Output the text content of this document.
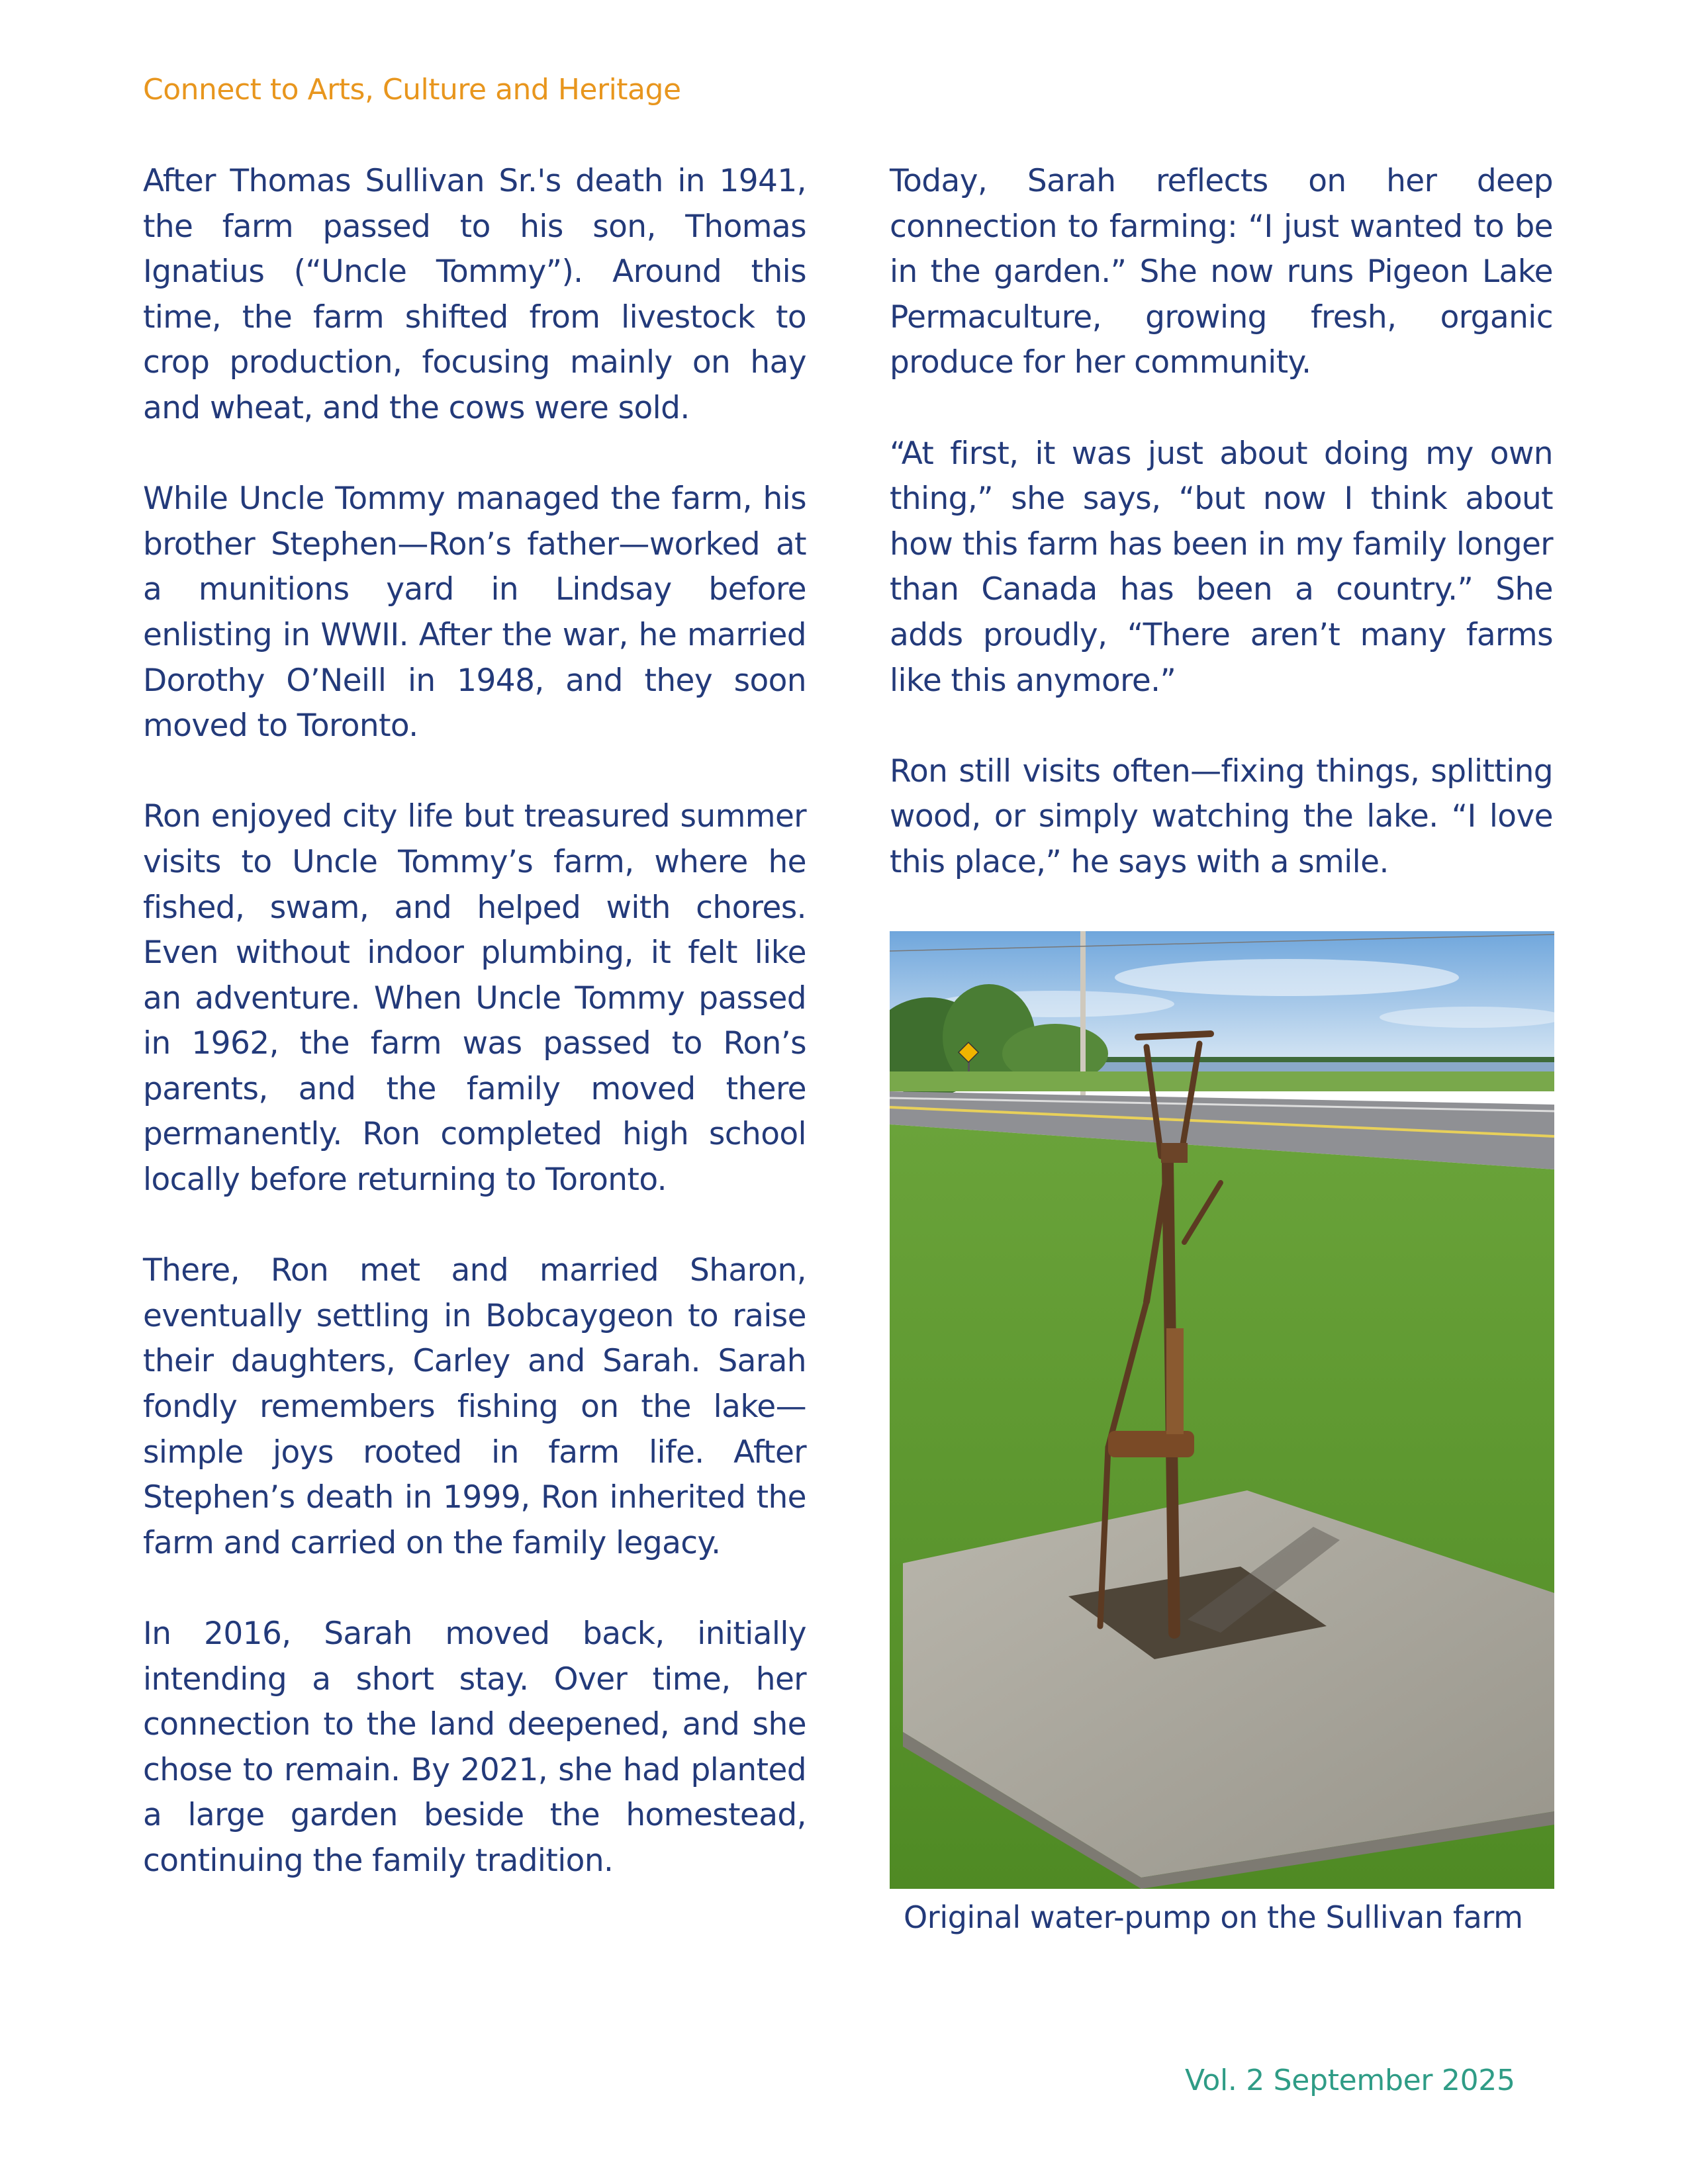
Connect to Arts, Culture and Heritage

After Thomas Sullivan Sr.'s death in 1941, the farm passed to his son, Thomas Ignatius (“Uncle Tommy”). Around this time, the farm shifted from livestock to crop production, focusing mainly on hay and wheat, and the cows were sold.

While Uncle Tommy managed the farm, his brother Stephen—Ron’s father—worked at a munitions yard in Lindsay before enlisting in WWII. After the war, he married Dorothy O’Neill in 1948, and they soon moved to Toronto.

Ron enjoyed city life but treasured summer visits to Uncle Tommy’s farm, where he fished, swam, and helped with chores. Even without indoor plumbing, it felt like an adventure. When Uncle Tommy passed in 1962, the farm was passed to Ron’s parents, and the family moved there permanently. Ron completed high school locally before returning to Toronto.

There, Ron met and married Sharon, eventually settling in Bobcaygeon to raise their daughters, Carley and Sarah. Sarah fondly remembers fishing on the lake—simple joys rooted in farm life. After Stephen’s death in 1999, Ron inherited the farm and carried on the family legacy.

In 2016, Sarah moved back, initially intending a short stay. Over time, her connection to the land deepened, and she chose to remain. By 2021, she had planted a large garden beside the homestead, continuing the family tradition.

Today, Sarah reflects on her deep connection to farming: “I just wanted to be in the garden.” She now runs Pigeon Lake Permaculture, growing fresh, organic produce for her community.

“At first, it was just about doing my own thing,” she says, “but now I think about how this farm has been in my family longer than Canada has been a country.” She adds proudly, “There aren’t many farms like this anymore.”

Ron still visits often—fixing things, splitting wood, or simply watching the lake. “I love this place,” he says with a smile.

Original water-pump on the Sullivan farm
Vol. 2 September 2025
